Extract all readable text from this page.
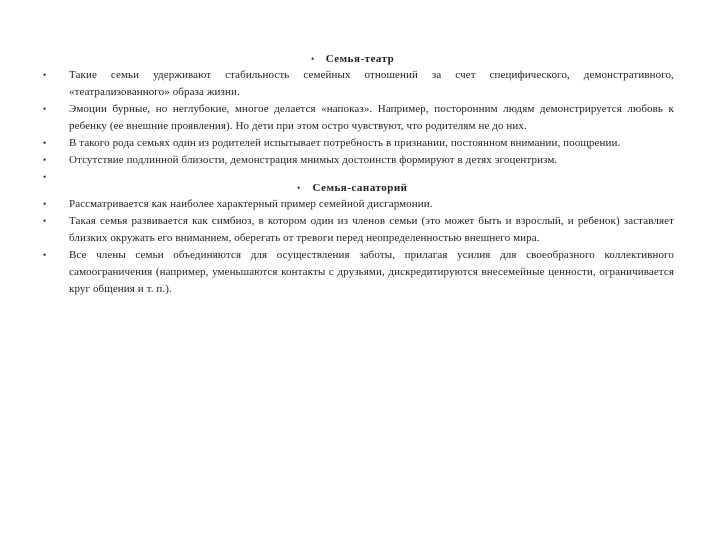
• Семья-театр
• Такие семьи удерживают стабильность семейных отношений за счет специфического, демонстративного, «театрализованного» образа жизни.
• Эмоции бурные, но неглубокие, многое делается «напоказ». Например, посторонним людям демонстрируется любовь к ребенку (ее внешние проявления). Но дети при этом остро чувствуют, что родителям не до них.
• В такого рода семьях один из родителей испытывает потребность в признании, постоянном внимании, поощрении.
• Отсутствие подлинной близости, демонстрация мнимых достоинств формируют в детях эгоцентризм.
•
• Семья-санаторий
• Рассматривается как наиболее характерный пример семейной дисгармонии.
• Такая семья развивается как симбиоз, в котором один из членов семьи (это может быть и взрослый, и ребенок) заставляет близких окружать его вниманием, оберегать от тревоги перед неопределенностью внешнего мира.
• Все члены семьи объединяются для осуществления заботы, прилагая усилия для своеобразного коллективного самоограничения (например, уменьшаются контакты с друзьями, дискредитируются внесемейные ценности, ограничивается круг общения и т. п.).
